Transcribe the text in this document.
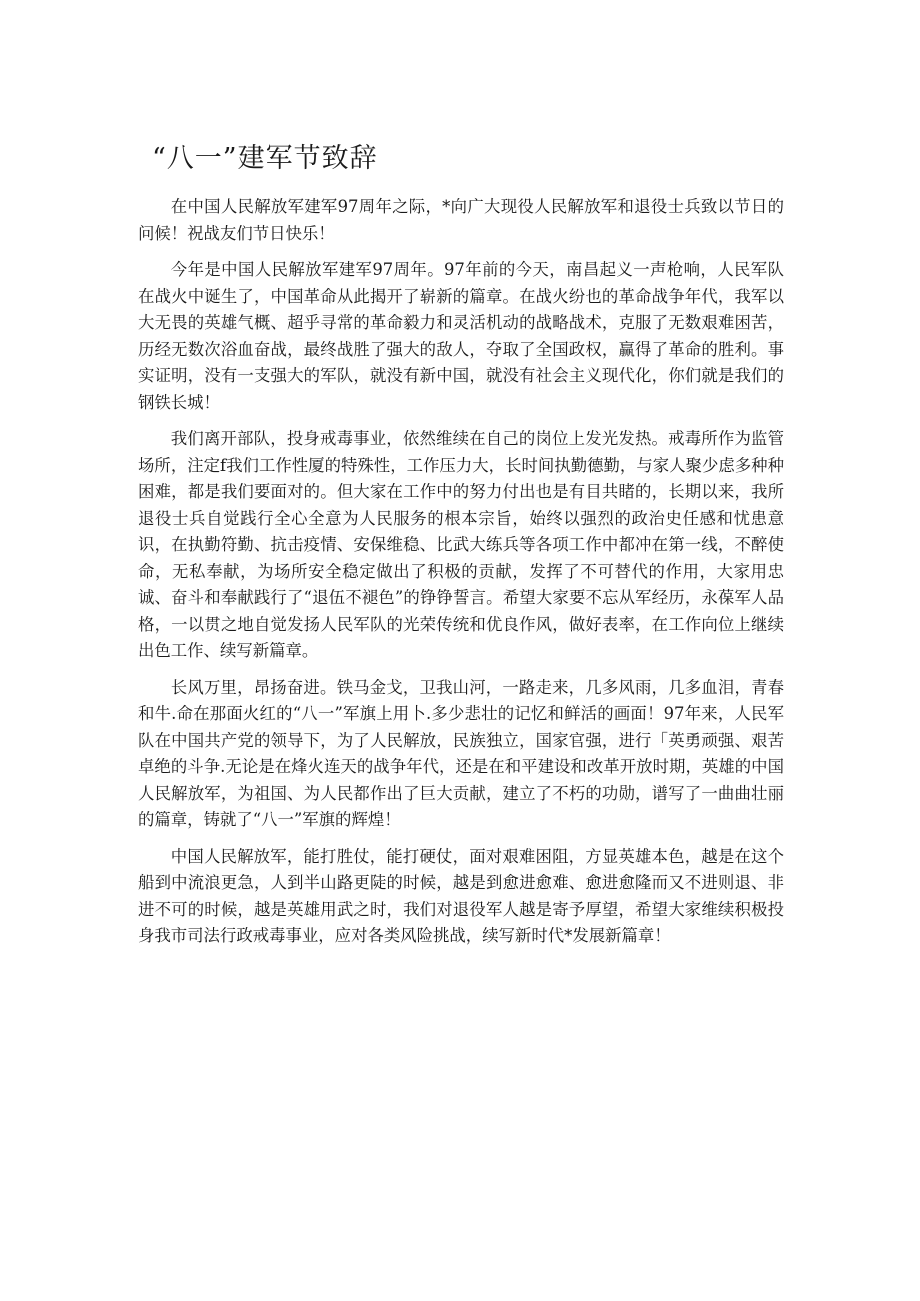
“八一”建军节致辞

在中国人民解放军建军97周年之际，*向广大现役人民解放军和退役士兵致以节日的问候！祝战友们节日快乐！

今年是中国人民解放军建军97周年。97年前的今天，南昌起义一声枪响，人民军队在战火中诞生了，中国革命从此揭开了崭新的篇章。在战火纷也的革命战争年代，我军以大无畏的英雄气概、超乎寻常的革命毅力和灵活机动的战略战术，克服了无数艰难困苦，历经无数次浴血奋战，最终战胜了强大的敌人，夺取了全国政权，赢得了革命的胜利。事实证明，没有一支强大的军队，就没有新中国，就没有社会主义现代化，你们就是我们的钢铁长城！

我们离开部队，投身戒毒事业，依然维续在自己的岗位上发光发热。戒毒所作为监管场所，注定f我们工作性厦的特殊性，工作压力大，长时间执勤德勤，与家人聚少虑多种种困难，都是我们要面对的。但大家在工作中的努力付出也是有目共睹的，长期以来，我所退役士兵自觉践行全心全意为人民服务的根本宗旨，始终以强烈的政治史任感和忧患意识，在执勤符勤、抗击疫情、安保维稳、比武大练兵等各项工作中都冲在第一线，不醉使命，无私奉献，为场所安全稳定做出了积极的贡献，发挥了不可替代的作用，大家用忠诚、奋斗和奉献践行了“退伍不褪色”的铮铮誓言。希望大家要不忘从军经历，永葆军人品格，一以贯之地自觉发扬人民军队的光荣传统和优良作风，做好表率，在工作向位上继续出色工作、续写新篇章。

长风万里，昂扬奋进。铁马金戈，卫我山河，一路走来，几多风雨，几多血泪，青春和牛.命在那面火红的“八一”军旗上用卜.多少悲壮的记忆和鲜活的画面！97年来，人民军队在中国共产党的领导下，为了人民解放，民族独立，国家官强，进行「英勇顽强、艰苦卓绝的斗争.无论是在烽火连天的战争年代，还是在和平建设和改革开放时期，英雄的中国人民解放军，为祖国、为人民都作出了巨大贡献，建立了不朽的功勋，谱写了一曲曲壮丽的篇章，铸就了“八一”军旗的辉煌！

中国人民解放军，能打胜仗，能打硬仗，面对艰难困阻，方显英雄本色，越是在这个船到中流浪更急，人到半山路更陡的时候，越是到愈进愈难、愈进愈隆而又不进则退、非进不可的时候，越是英雄用武之时，我们对退役军人越是寄予厚望，希望大家维续积极投身我市司法行政戒毒事业，应对各类风险挑战，续写新时代*发展新篇章！
